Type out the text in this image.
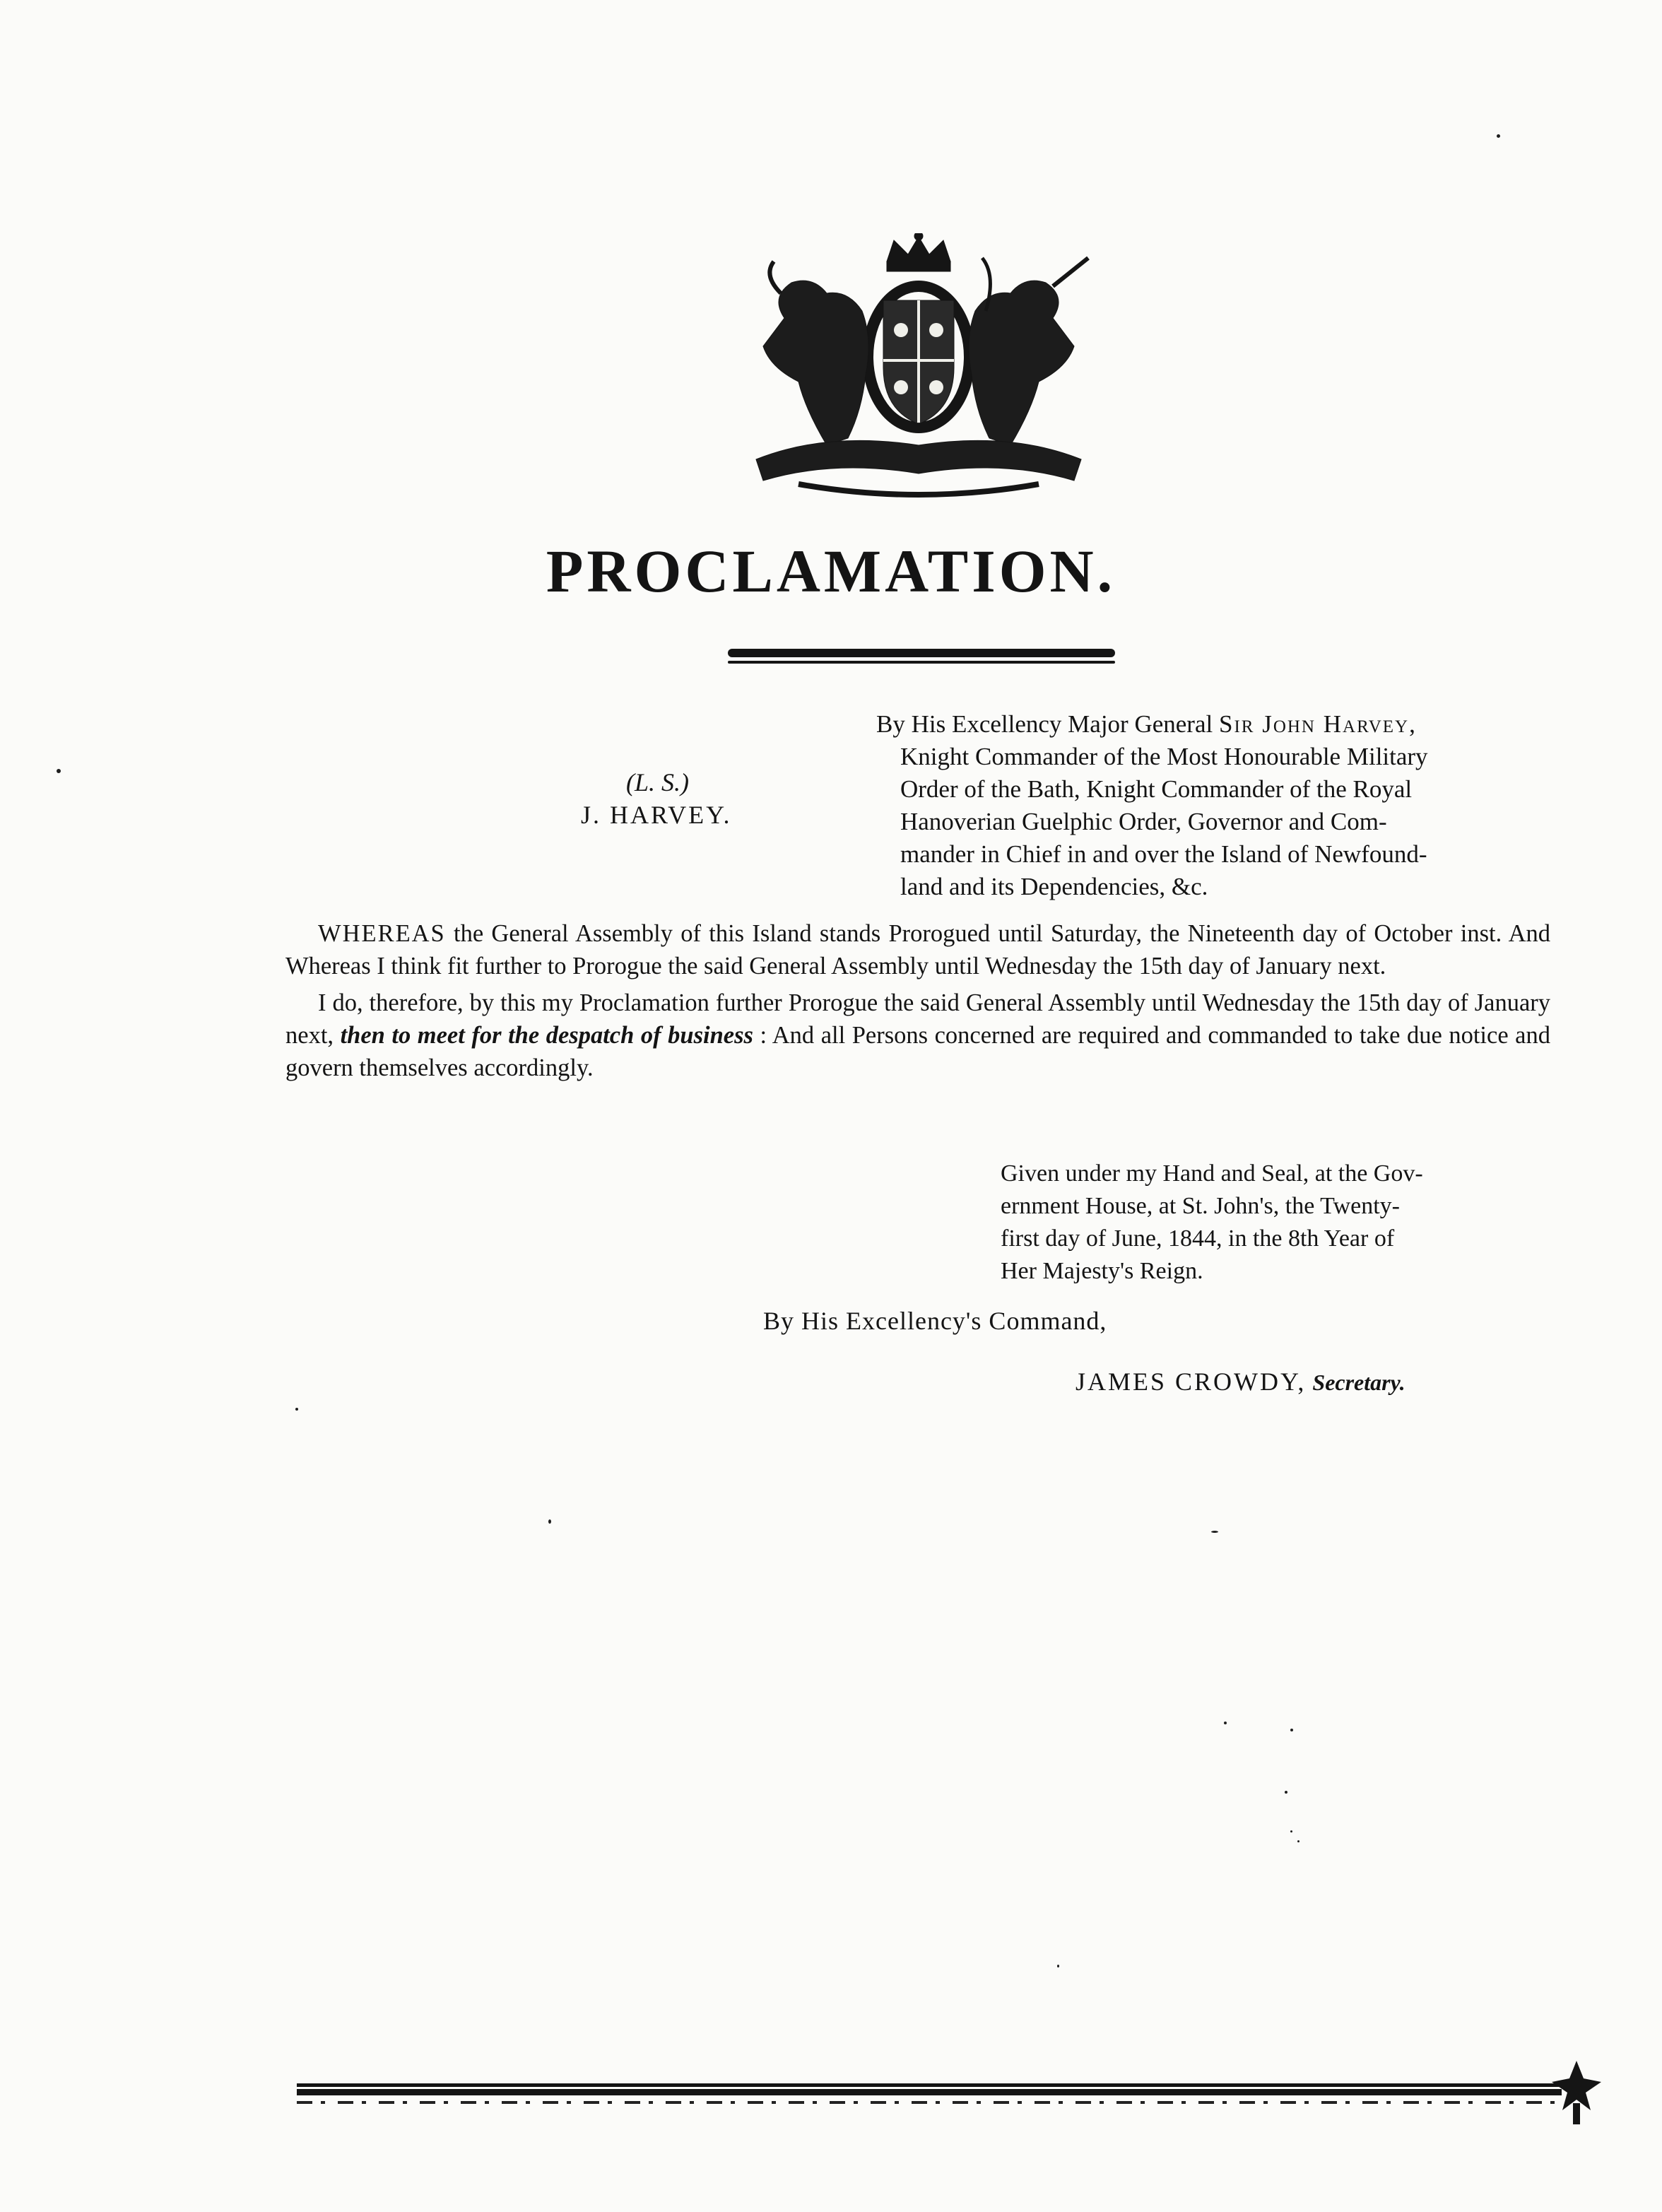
PROCLAMATION.
(L. S.)
J. HARVEY.
By His Excellency Major General Sir John Harvey,
Knight Commander of the Most Honourable Military
Order of the Bath, Knight Commander of the Royal
Hanoverian Guelphic Order, Governor and Com-
mander in Chief in and over the Island of Newfound-
land and its Dependencies, &c.

WHEREAS the General Assembly of this Island stands Prorogued until Saturday, the Nineteenth day of October inst. And Whereas I think fit further to Prorogue the said General Assembly until Wednesday the 15th day of January next.

I do, therefore, by this my Proclamation further Prorogue the said General Assembly until Wednesday the 15th day of January next, then to meet for the despatch of business : And all Persons concerned are required and commanded to take due notice and govern themselves accordingly.

Given under my Hand and Seal, at the Gov-
ernment House, at St. John's, the Twenty-
first day of June, 1844, in the 8th Year of
Her Majesty's Reign.
By His Excellency's Command,
JAMES CROWDY, Secretary.
